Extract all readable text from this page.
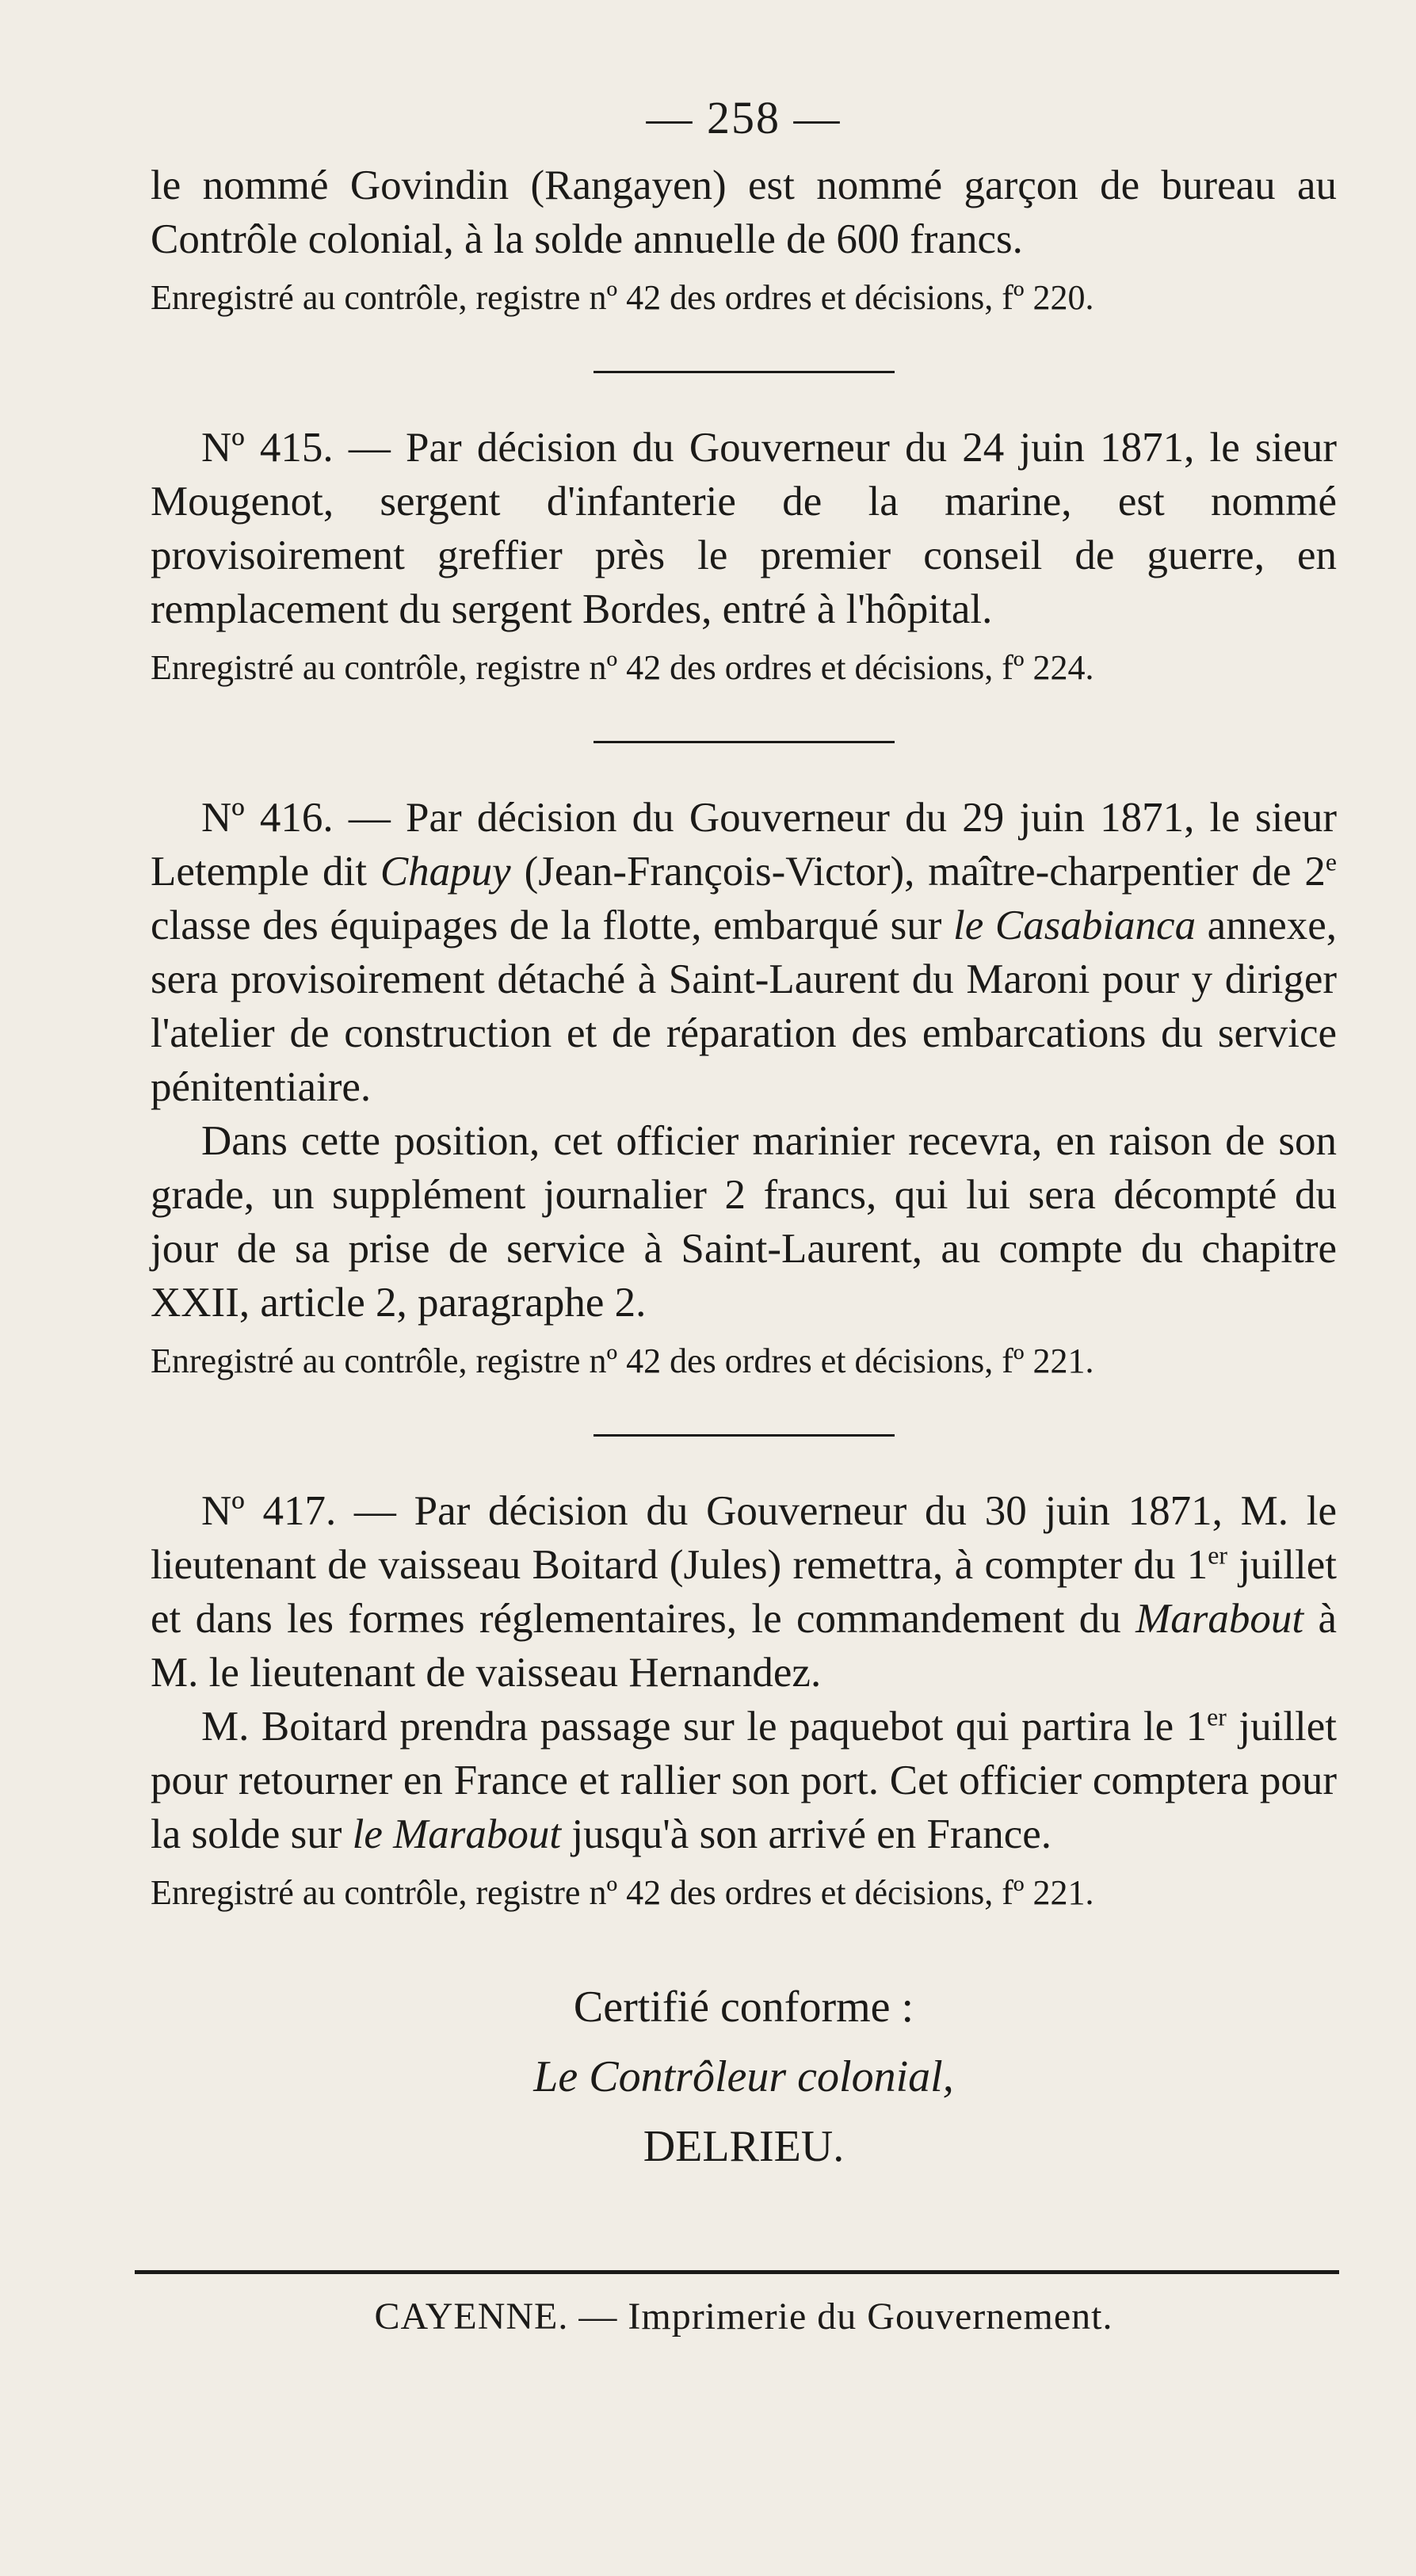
— 258 —

le nommé Govindin (Rangayen) est nommé garçon de bureau au Contrôle colonial, à la solde annuelle de 600 francs.

Enregistré au contrôle, registre nº 42 des ordres et décisions, fº 220.

Nº 415. — Par décision du Gouverneur du 24 juin 1871, le sieur Mougenot, sergent d'infanterie de la marine, est nommé provisoirement greffier près le premier conseil de guerre, en remplacement du sergent Bordes, entré à l'hôpital.

Enregistré au contrôle, registre nº 42 des ordres et décisions, fº 224.

Nº 416. — Par décision du Gouverneur du 29 juin 1871, le sieur Letemple dit Chapuy (Jean-François-Victor), maître-charpentier de 2e classe des équipages de la flotte, embarqué sur le Casabianca annexe, sera provisoirement détaché à Saint-Laurent du Maroni pour y diriger l'atelier de construction et de réparation des embarcations du service pénitentiaire.

Dans cette position, cet officier marinier recevra, en raison de son grade, un supplément journalier 2 francs, qui lui sera décompté du jour de sa prise de service à Saint-Laurent, au compte du chapitre XXII, article 2, paragraphe 2.

Enregistré au contrôle, registre nº 42 des ordres et décisions, fº 221.

Nº 417. — Par décision du Gouverneur du 30 juin 1871, M. le lieutenant de vaisseau Boitard (Jules) remettra, à compter du 1er juillet et dans les formes réglementaires, le commandement du Marabout à M. le lieutenant de vaisseau Hernandez.

M. Boitard prendra passage sur le paquebot qui partira le 1er juillet pour retourner en France et rallier son port. Cet officier comptera pour la solde sur le Marabout jusqu'à son arrivé en France.

Enregistré au contrôle, registre nº 42 des ordres et décisions, fº 221.

Certifié conforme :
Le Contrôleur colonial,
DELRIEU.
CAYENNE. — Imprimerie du Gouvernement.
